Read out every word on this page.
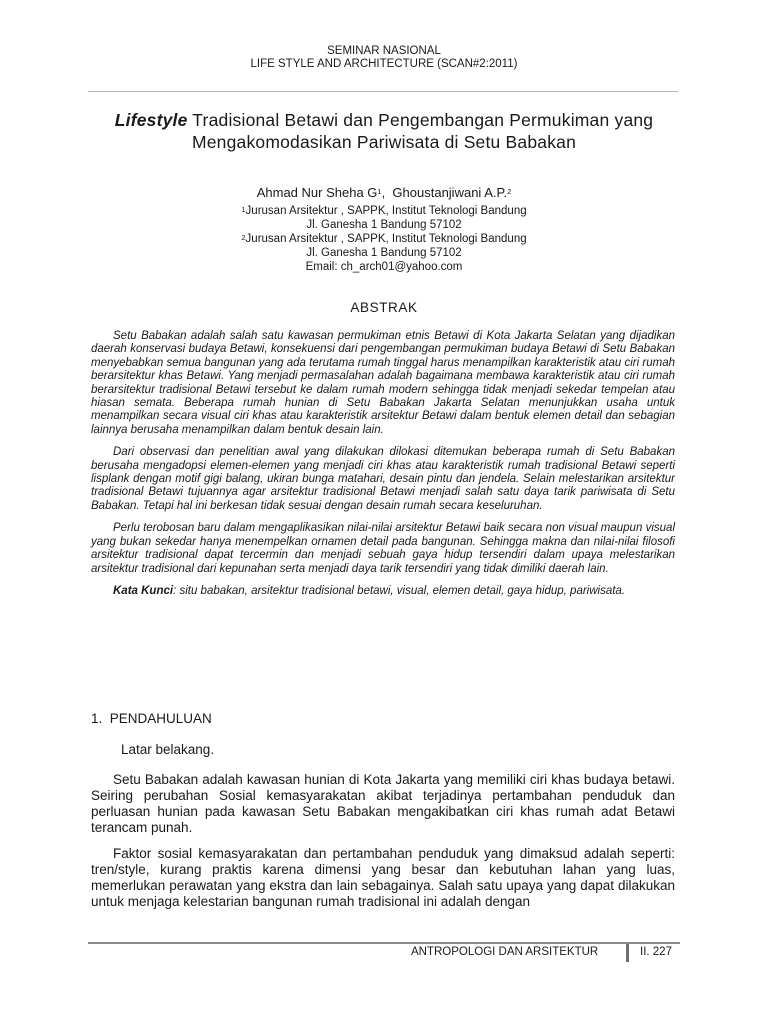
SEMINAR NASIONAL
LIFE STYLE AND ARCHITECTURE (SCAN#2:2011)
Lifestyle Tradisional Betawi dan Pengembangan Permukiman yang
Mengakomodasikan Pariwisata di Setu Babakan
Ahmad Nur Sheha $G^1$,  Ghoustanjiwani A.P.$^2$
$^1$Jurusan Arsitektur , SAPPK, Institut Teknologi Bandung
Jl. Ganesha 1 Bandung 57102
$^2$Jurusan Arsitektur , SAPPK, Institut Teknologi Bandung
Jl. Ganesha 1 Bandung 57102
Email: ch_arch01@yahoo.com
ABSTRAK

Setu Babakan adalah salah satu kawasan permukiman etnis Betawi di Kota Jakarta Selatan yang dijadikan daerah konservasi budaya Betawi, konsekuensi dari pengembangan permukiman budaya Betawi di Setu Babakan menyebabkan semua bangunan yang ada terutama rumah tinggal harus menampilkan karakteristik atau ciri rumah berarsitektur khas Betawi. Yang menjadi permasalahan adalah bagaimana membawa karakteristik atau ciri rumah berarsitektur tradisional Betawi tersebut ke dalam rumah modern sehingga tidak menjadi sekedar tempelan atau hiasan semata. Beberapa rumah hunian di Setu Babakan Jakarta Selatan menunjukkan usaha untuk menampilkan secara visual ciri khas atau karakteristik arsitektur Betawi dalam bentuk elemen detail dan sebagian lainnya berusaha menampilkan dalam bentuk desain lain.

Dari observasi dan penelitian awal yang dilakukan dilokasi ditemukan beberapa rumah di Setu Babakan berusaha mengadopsi elemen-elemen yang menjadi ciri khas atau karakteristik rumah tradisional Betawi seperti lisplank dengan motif gigi balang, ukiran bunga matahari, desain pintu dan jendela. Selain melestarikan arsitektur tradisional Betawi tujuannya agar arsitektur tradisional Betawi menjadi salah satu daya tarik pariwisata di Setu Babakan. Tetapi hal ini berkesan tidak sesuai dengan desain rumah secara keseluruhan.

Perlu terobosan baru dalam mengaplikasikan nilai-nilai arsitektur Betawi baik secara non visual maupun visual yang bukan sekedar hanya menempelkan ornamen detail pada bangunan. Sehingga makna dan nilai-nilai filosofi arsitektur tradisional dapat tercermin dan menjadi sebuah gaya hidup tersendiri dalam upaya melestarikan arsitektur tradisional dari kepunahan serta menjadi daya tarik tersendiri yang tidak dimiliki daerah lain.

Kata Kunci: situ babakan, arsitektur tradisional betawi, visual, elemen detail, gaya hidup, pariwisata.

1.  PENDAHULUAN
Latar belakang.

Setu Babakan adalah kawasan hunian di Kota Jakarta yang memiliki ciri khas budaya betawi. Seiring perubahan Sosial kemasyarakatan akibat terjadinya pertambahan penduduk dan perluasan hunian pada kawasan Setu Babakan mengakibatkan ciri khas rumah adat Betawi terancam punah.

Faktor sosial kemasyarakatan dan pertambahan penduduk yang dimaksud adalah seperti: tren/style, kurang praktis karena dimensi yang besar dan kebutuhan lahan yang luas, memerlukan perawatan yang ekstra dan lain sebagainya. Salah satu upaya yang dapat dilakukan untuk menjaga kelestarian bangunan rumah tradisional ini adalah dengan

ANTROPOLOGI DAN ARSITEKTUR	II. 227
